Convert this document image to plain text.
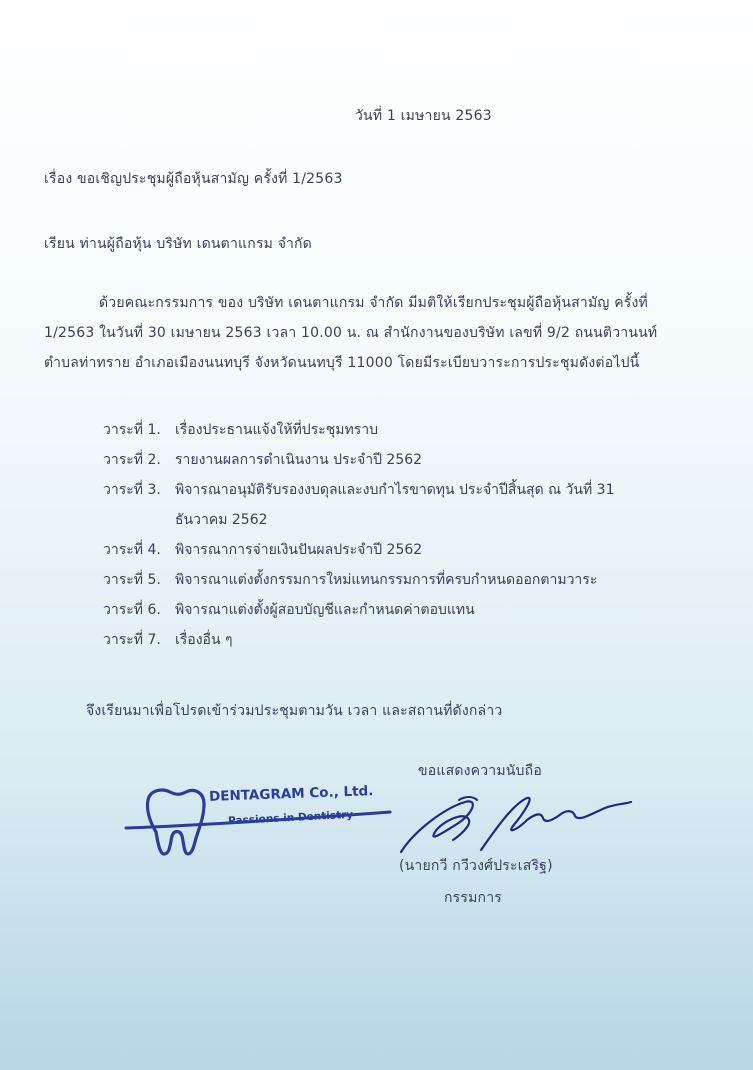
วันที่ 1 เมษายน 2563
เรื่อง ขอเชิญประชุมผู้ถือหุ้นสามัญ ครั้งที่ 1/2563
เรียน ท่านผู้ถือหุ้น บริษัท เดนตาแกรม จำกัด
ด้วยคณะกรรมการ ของ บริษัท เดนตาแกรม จำกัด มีมติให้เรียกประชุมผู้ถือหุ้นสามัญ ครั้งที่
1/2563 ในวันที่ 30 เมษายน 2563 เวลา 10.00 น. ณ สำนักงานของบริษัท เลขที่ 9/2 ถนนติวานนท์
ตำบลท่าทราย อำเภอเมืองนนทบุรี จังหวัดนนทบุรี 11000 โดยมีระเบียบวาระการประชุมดังต่อไปนี้
วาระที่ 1.	เรื่องประธานแจ้งให้ที่ประชุมทราบ
วาระที่ 2.	รายงานผลการดำเนินงาน ประจำปี 2562
วาระที่ 3.	พิจารณาอนุมัติรับรองงบดุลและงบกำไรขาดทุน ประจำปีสิ้นสุด ณ วันที่ 31
ธันวาคม 2562
วาระที่ 4.	พิจารณาการจ่ายเงินปันผลประจำปี 2562
วาระที่ 5.	พิจารณาแต่งตั้งกรรมการใหม่แทนกรรมการที่ครบกำหนดออกตามวาระ
วาระที่ 6.	พิจารณาแต่งตั้งผู้สอบบัญชีและกำหนดค่าตอบแทน
วาระที่ 7.	เรื่องอื่น ๆ
จึงเรียนมาเพื่อโปรดเข้าร่วมประชุมตามวัน เวลา และสถานที่ดังกล่าว
ขอแสดงความนับถือ
DENTAGRAM Co., Ltd.
Passions in Dentistry
(นายกวี กวีวงศ์ประเสริฐ)
กรรมการ
